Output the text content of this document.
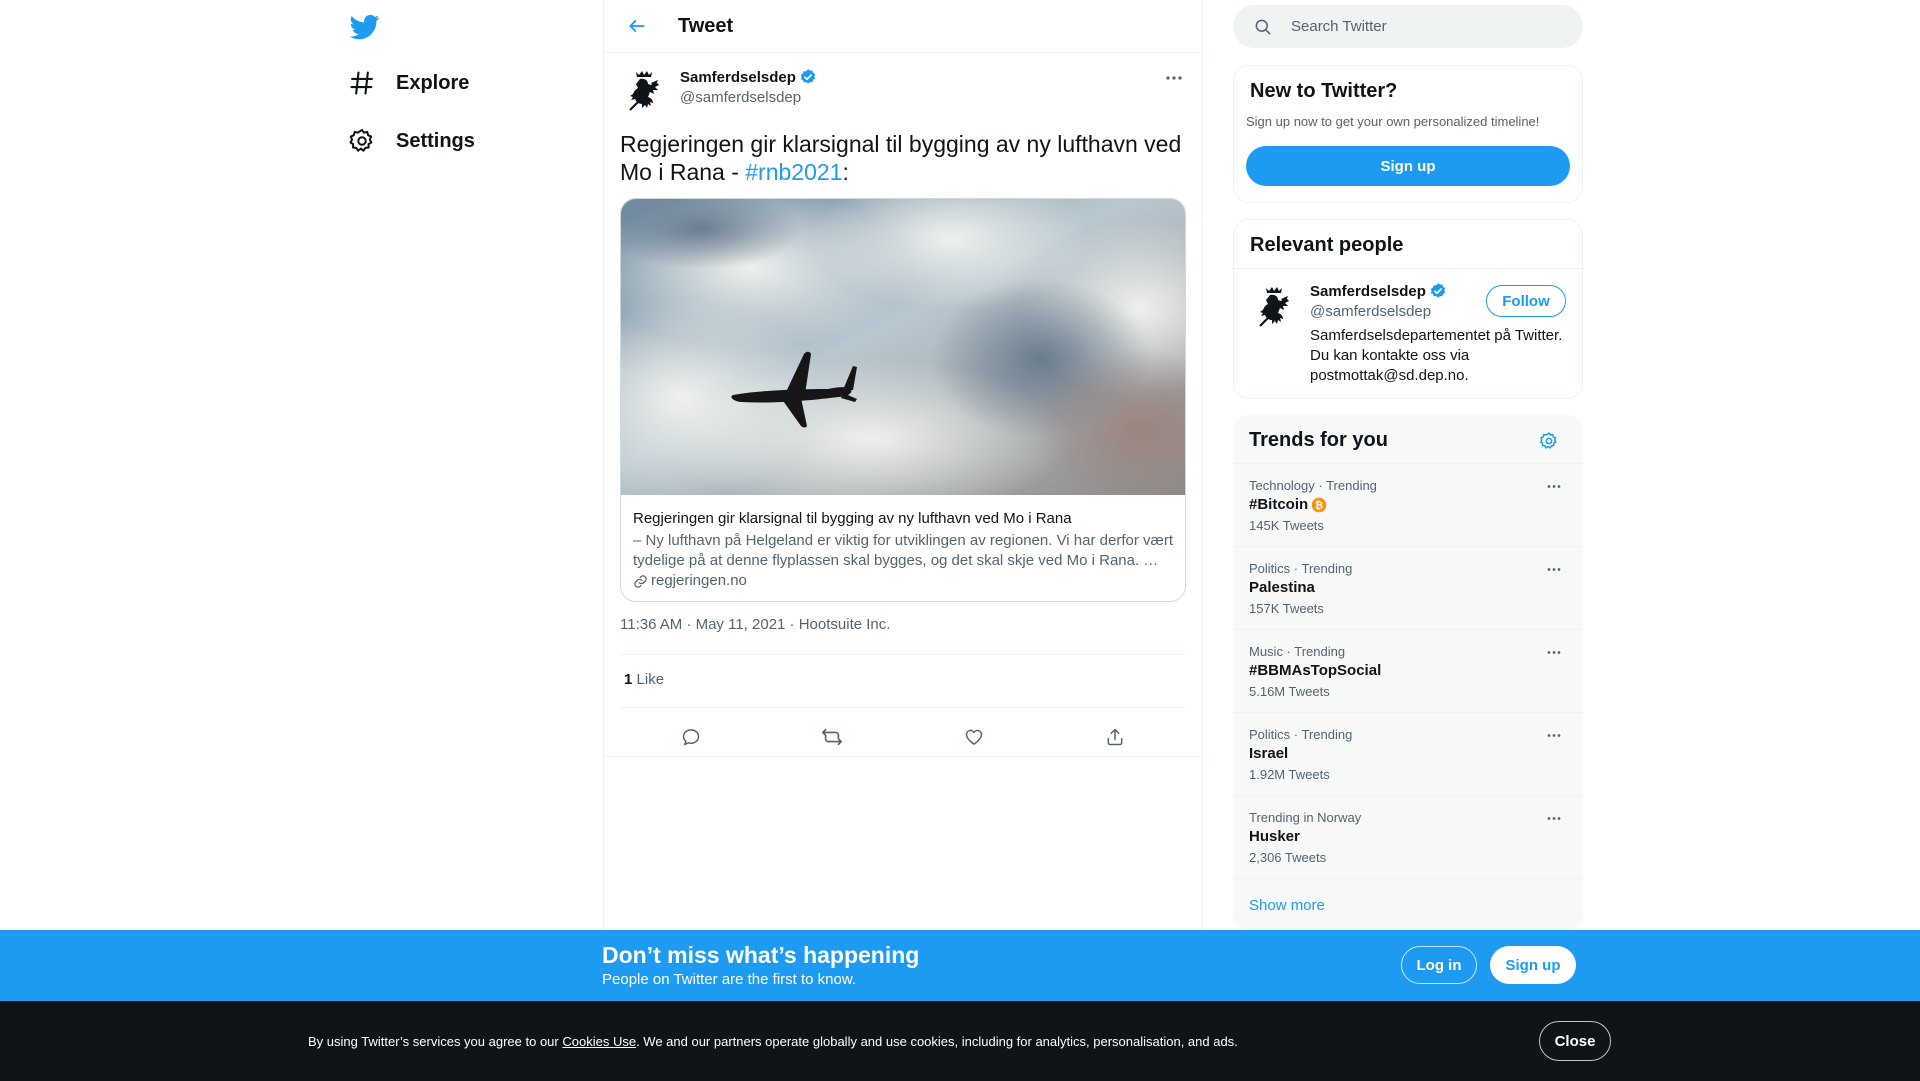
Explore
Settings
Tweet
Samferdselsdep
@samferdselsdep
Regjeringen gir klarsignal til bygging av ny lufthavn ved Mo i Rana - #rnb2021:
Regjeringen gir klarsignal til bygging av ny lufthavn ved Mo i Rana
– Ny lufthavn på Helgeland er viktig for utviklingen av regionen. Vi har derfor vært tydelige på at denne flyplassen skal bygges, og det skal skje ved Mo i Rana. …
regjeringen.no
11:36 AM · May 11, 2021 · Hootsuite Inc.
1 Like
Search Twitter
New to Twitter?
Sign up now to get your own personalized timeline!
Sign up
Relevant people
Samferdselsdep
@samferdselsdep
Follow
Samferdselsdepartementet på Twitter. Du kan kontakte oss via postmottak@sd.dep.no.
Trends for you
Technology · Trending
#Bitcoin ₿
145K Tweets
Politics · Trending
Palestina
157K Tweets
Music · Trending
#BBMAsTopSocial
5.16M Tweets
Politics · Trending
Israel
1.92M Tweets
Trending in Norway
Husker
2,306 Tweets
Show more
Don’t miss what’s happening
People on Twitter are the first to know.
Log in	Sign up
By using Twitter’s services you agree to our Cookies Use. We and our partners operate globally and use cookies, including for analytics, personalisation, and ads.	Close
